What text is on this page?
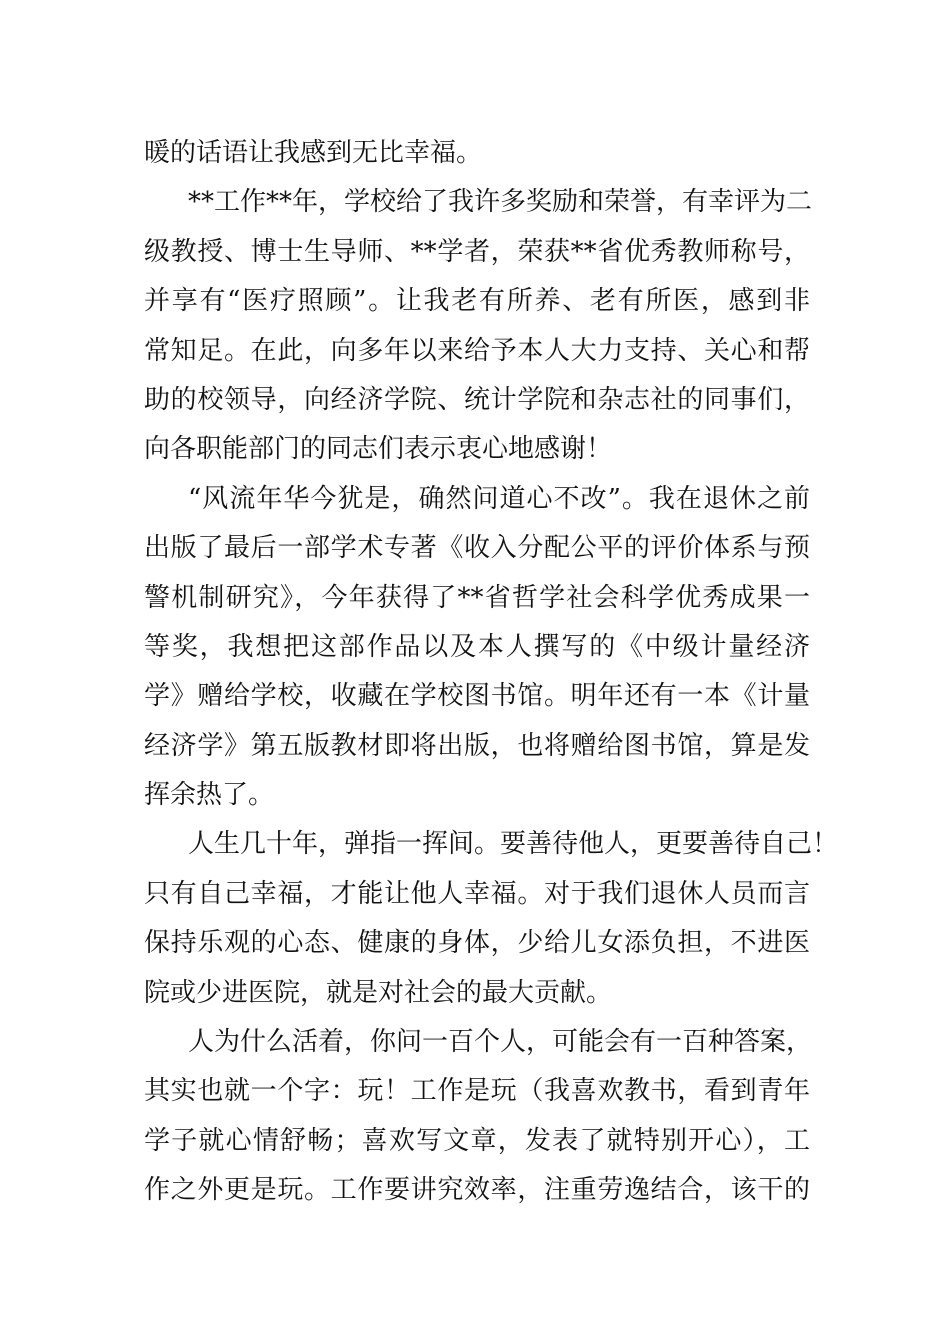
暖的话语让我感到无比幸福。
**工作**年，学校给了我许多奖励和荣誉，有幸评为二
级教授、博士生导师、**学者，荣获**省优秀教师称号，
并享有“医疗照顾”。让我老有所养、老有所医，感到非
常知足。在此，向多年以来给予本人大力支持、关心和帮
助的校领导，向经济学院、统计学院和杂志社的同事们，
向各职能部门的同志们表示衷心地感谢！
“风流年华今犹是，确然问道心不改”。我在退休之前
出版了最后一部学术专著《收入分配公平的评价体系与预
警机制研究》，今年获得了**省哲学社会科学优秀成果一
等奖，我想把这部作品以及本人撰写的《中级计量经济
学》赠给学校，收藏在学校图书馆。明年还有一本《计量
经济学》第五版教材即将出版，也将赠给图书馆，算是发
挥余热了。
人生几十年，弹指一挥间。要善待他人，更要善待自己！
只有自己幸福，才能让他人幸福。对于我们退休人员而言
保持乐观的心态、健康的身体，少给儿女添负担，不进医
院或少进医院，就是对社会的最大贡献。
人为什么活着，你问一百个人，可能会有一百种答案，
其实也就一个字：玩！工作是玩（我喜欢教书，看到青年
学子就心情舒畅；喜欢写文章，发表了就特别开心），工
作之外更是玩。工作要讲究效率，注重劳逸结合，该干的
